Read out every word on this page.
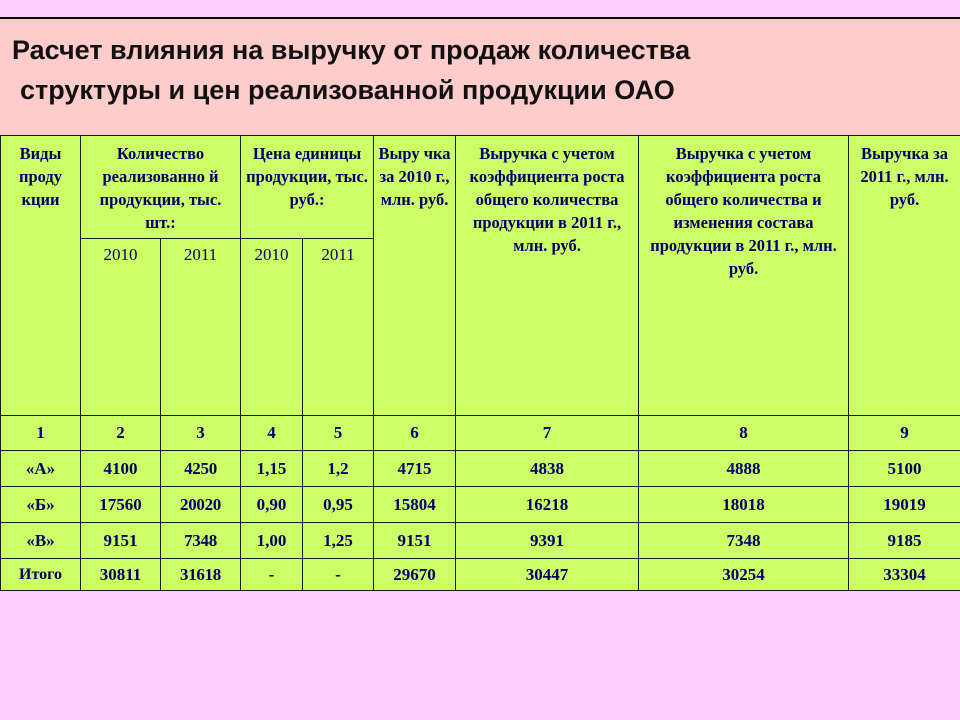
Расчет влияния на выручку от продаж количества
структуры и цен реализованной продукции ОАО
Виды проду кции	Количество реализованно й продукции, тыс. шт.:		Цена единицы продукции, тыс. руб.:		Выру чка за 2010 г., млн. руб.	Выручка с учетом коэффициента роста общего количества продукции в 2011 г., млн. руб.	Выручка с учетом коэффициента роста общего количества и изменения состава продукции в 2011 г., млн. руб.	Выручка за 2011 г., млн. руб.
	2010	2011	2010	2011				
1	2	3	4	5	6	7	8	9
«А»	4100	4250	1,15	1,2	4715	4838	4888	5100
«Б»	17560	20020	0,90	0,95	15804	16218	18018	19019
«В»	9151	7348	1,00	1,25	9151	9391	7348	9185
Итого	30811	31618	-	-	29670	30447	30254	33304
